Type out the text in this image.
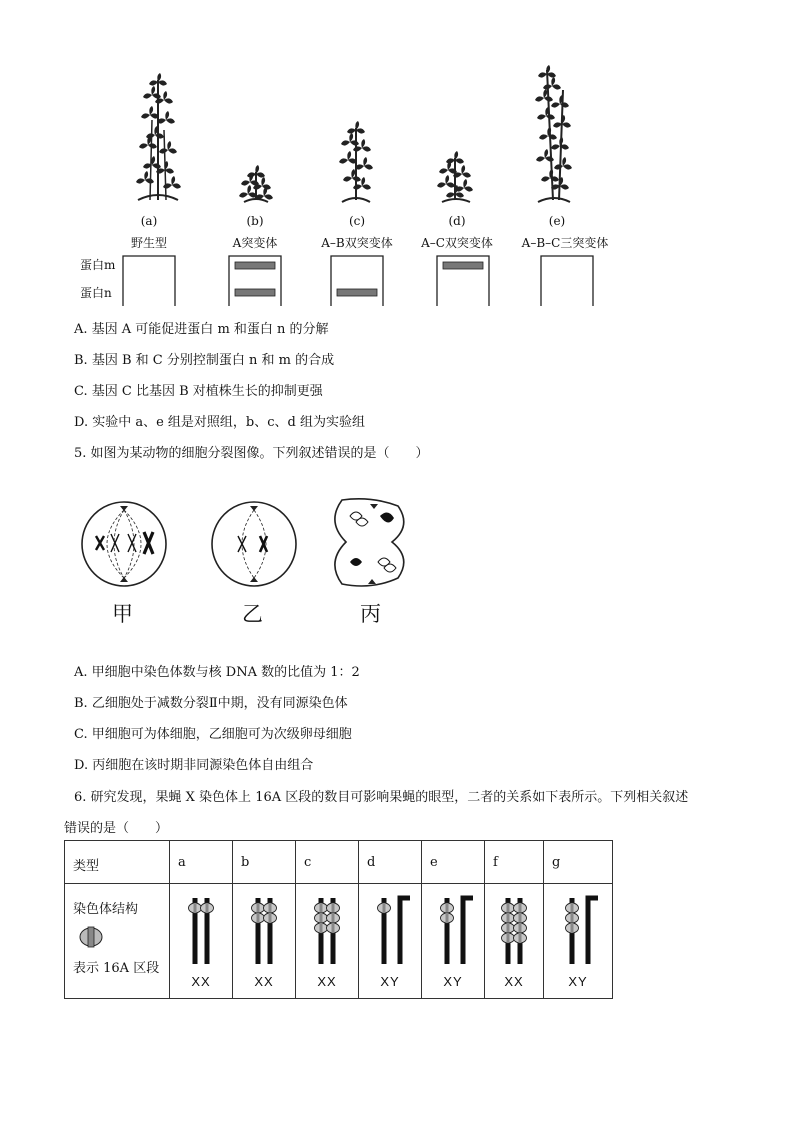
(a)	(b)	(c)	(d)	(e)
野生型	A突变体	A–B双突变体	A–C双突变体	A–B–C三突变体
蛋白m
蛋白n
A. 基因 A 可能促进蛋白 m 和蛋白 n 的分解
B. 基因 B 和 C 分别控制蛋白 n 和 m 的合成
C. 基因 C 比基因 B 对植株生长的抑制更强
D. 实验中 a、e 组是对照组，b、c、d 组为实验组
5. 如图为某动物的细胞分裂图像。下列叙述错误的是（　　）
甲	乙	丙
A. 甲细胞中染色体数与核 DNA 数的比值为 1：2
B. 乙细胞处于减数分裂Ⅱ中期，没有同源染色体
C. 甲细胞可为体细胞，乙细胞可为次级卵母细胞
D. 丙细胞在该时期非同源染色体自由组合
6. 研究发现，果蝇 X 染色体上 16A 区段的数目可影响果蝇的眼型，二者的关系如下表所示。下列相关叙述
错误的是（　　）
类型	a	b	c	d	e	f	g

染色体结构
表示 16A 区段	XX	XX	XX	XY	XY	XX	XY
